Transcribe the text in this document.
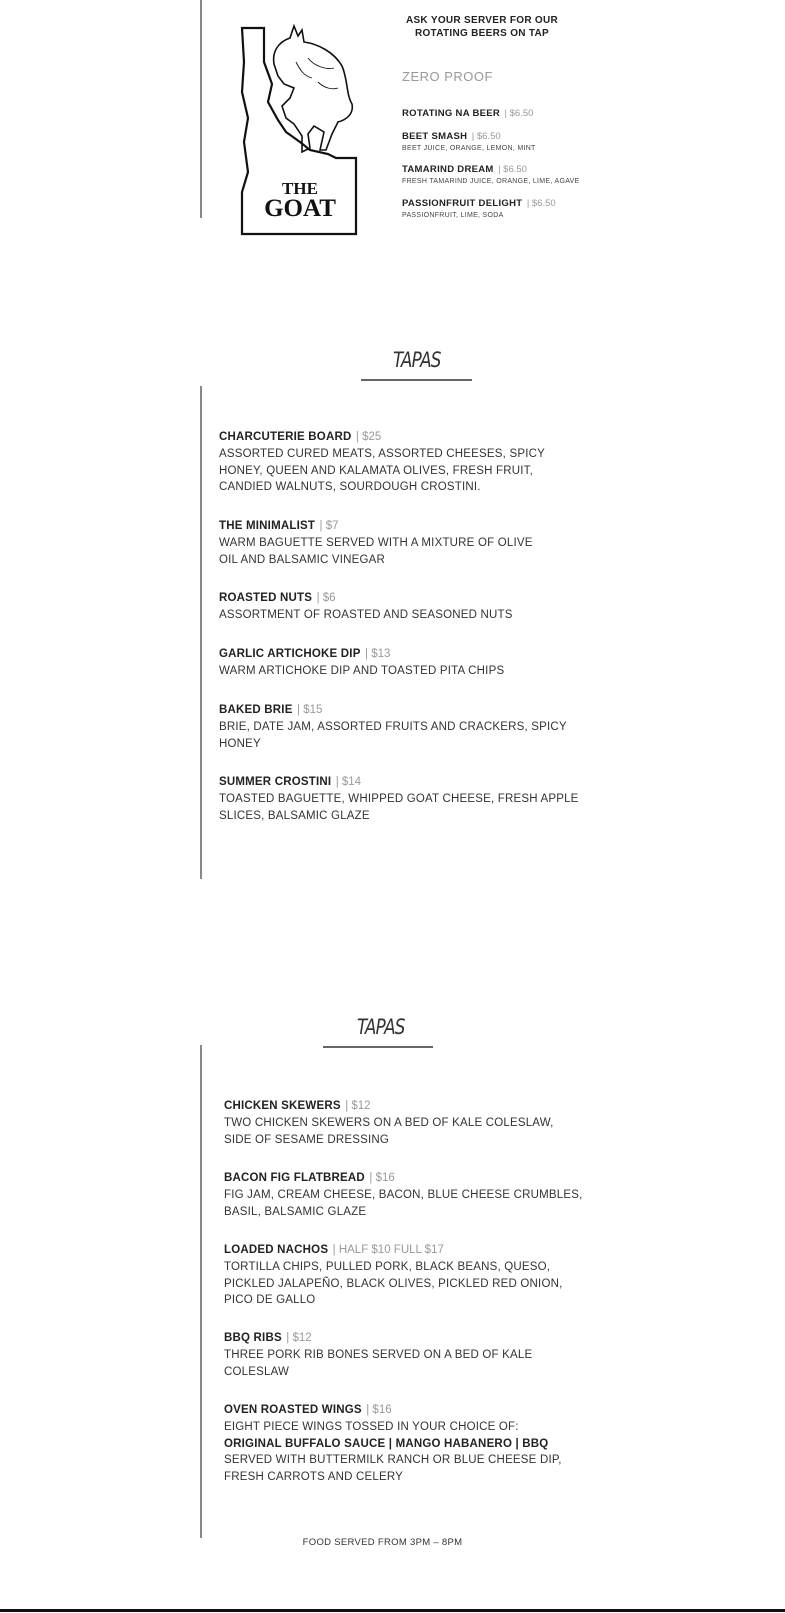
THE
GOAT
ASK YOUR SERVER FOR OUR
ROTATING BEERS ON TAP
ZERO PROOF
ROTATING NA BEER | $6.50
BEET SMASH | $6.50
BEET JUICE, ORANGE, LEMON, MINT
TAMARIND DREAM | $6.50
FRESH TAMARIND JUICE, ORANGE, LIME, AGAVE
PASSIONFRUIT DELIGHT | $6.50
PASSIONFRUIT, LIME, SODA
TAPAS
CHARCUTERIE BOARD | $25
ASSORTED CURED MEATS, ASSORTED CHEESES, SPICY
HONEY, QUEEN AND KALAMATA OLIVES, FRESH FRUIT,
CANDIED WALNUTS, SOURDOUGH CROSTINI.
THE MINIMALIST | $7
WARM BAGUETTE SERVED WITH A MIXTURE OF OLIVE
OIL AND BALSAMIC VINEGAR
ROASTED NUTS | $6
ASSORTMENT OF ROASTED AND SEASONED NUTS
GARLIC ARTICHOKE DIP | $13
WARM ARTICHOKE DIP AND TOASTED PITA CHIPS
BAKED BRIE | $15
BRIE, DATE JAM, ASSORTED FRUITS AND CRACKERS, SPICY
HONEY
SUMMER CROSTINI | $14
TOASTED BAGUETTE, WHIPPED GOAT CHEESE, FRESH APPLE
SLICES, BALSAMIC GLAZE
TAPAS
CHICKEN SKEWERS | $12
TWO CHICKEN SKEWERS ON A BED OF KALE COLESLAW,
SIDE OF SESAME DRESSING
BACON FIG FLATBREAD | $16
FIG JAM, CREAM CHEESE, BACON, BLUE CHEESE CRUMBLES,
BASIL, BALSAMIC GLAZE
LOADED NACHOS | HALF $10 FULL $17
TORTILLA CHIPS, PULLED PORK, BLACK BEANS, QUESO,
PICKLED JALAPEÑO, BLACK OLIVES, PICKLED RED ONION,
PICO DE GALLO
BBQ RIBS | $12
THREE PORK RIB BONES SERVED ON A BED OF KALE
COLESLAW
OVEN ROASTED WINGS | $16
EIGHT PIECE WINGS TOSSED IN YOUR CHOICE OF:
ORIGINAL BUFFALO SAUCE | MANGO HABANERO | BBQ
SERVED WITH BUTTERMILK RANCH OR BLUE CHEESE DIP,
FRESH CARROTS AND CELERY
FOOD SERVED FROM 3PM – 8PM
